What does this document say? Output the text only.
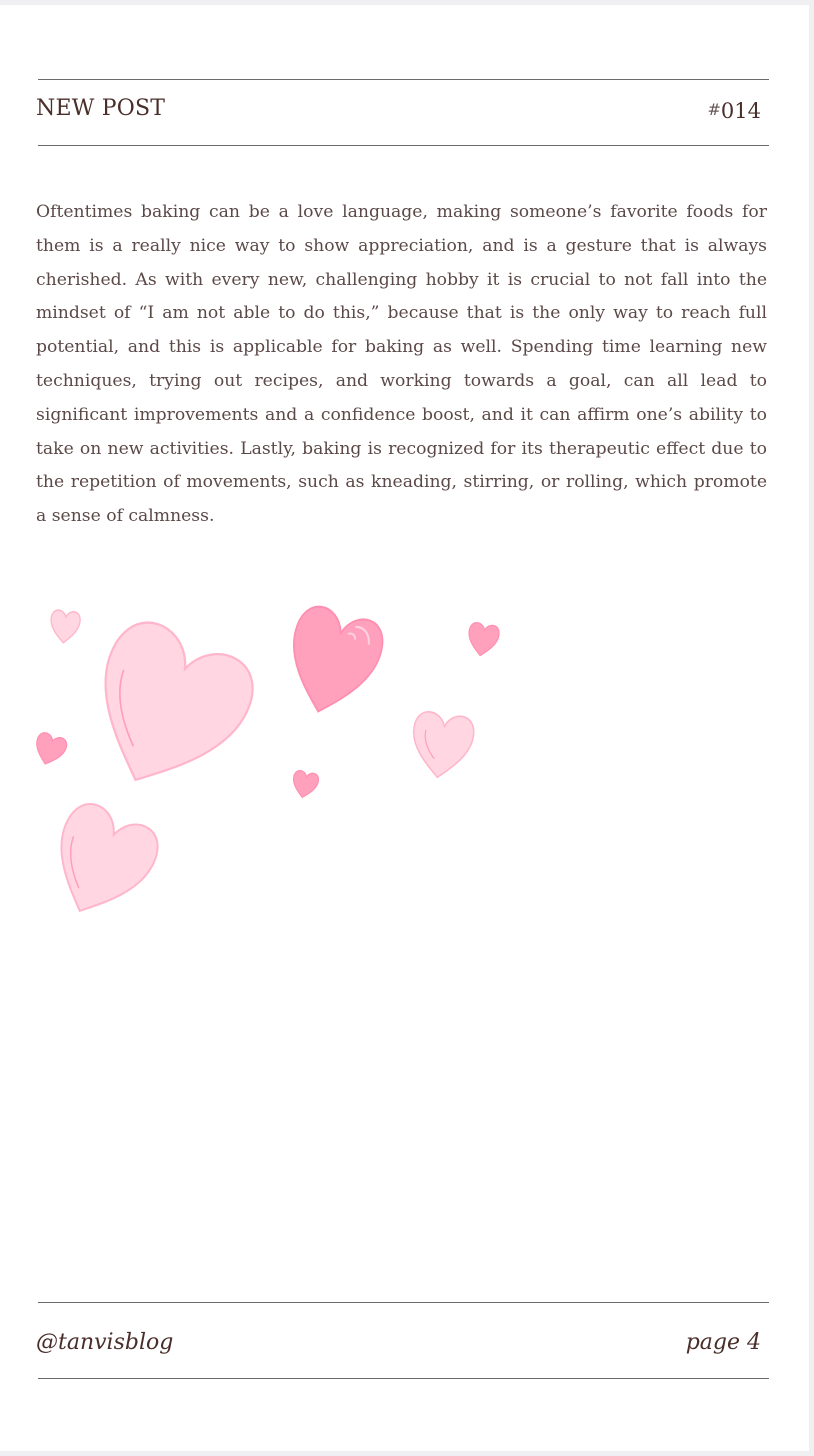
NEW POST	#014

Oftentimes baking can be a love language, making someone’s favorite foods for them is a really nice way to show appreciation, and is a gesture that is always cherished. As with every new, challenging hobby it is crucial to not fall into the mindset of “I am not able to do this,” because that is the only way to reach full potential, and this is applicable for baking as well. Spending time learning new techniques, trying out recipes, and working towards a goal, can all lead to significant improvements and a confidence boost, and it can affirm one’s ability to take on new activities. Lastly, baking is recognized for its therapeutic effect due to the repetition of movements, such as kneading, stirring, or rolling, which promote a sense of calmness.

@tanvisblog	page 4
